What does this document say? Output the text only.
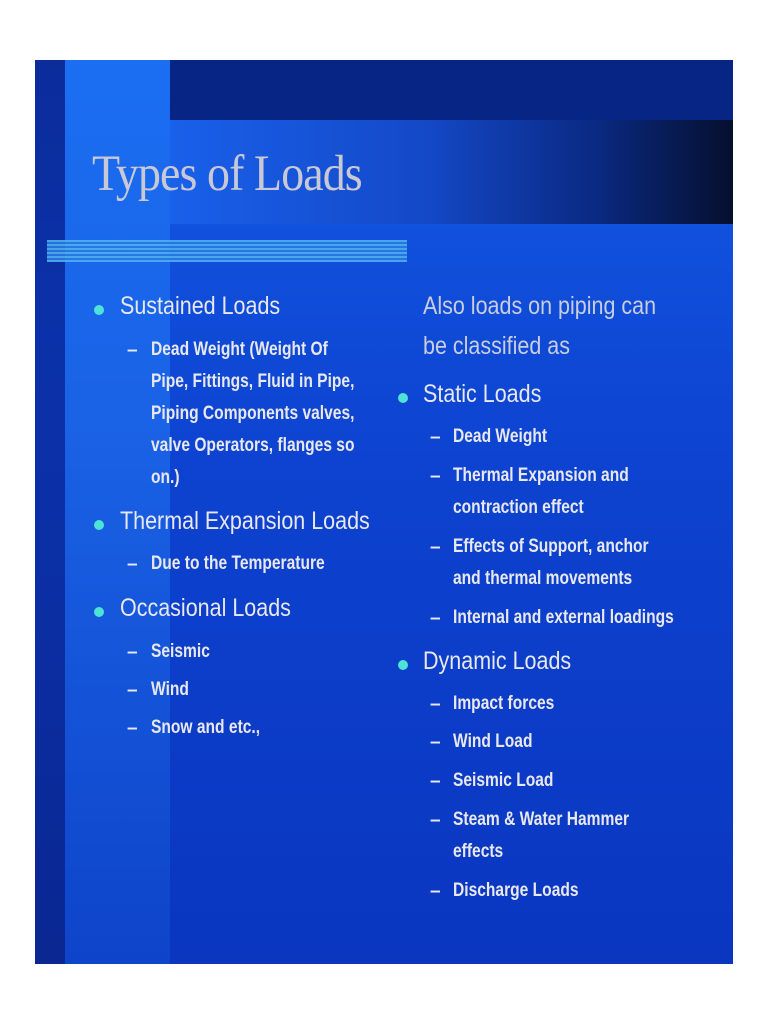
Types of Loads
Sustained Loads
– Dead Weight (Weight Of
Pipe, Fittings, Fluid in Pipe,
Piping Components valves,
valve Operators, flanges so
on.)
Thermal Expansion Loads
– Due to the Temperature
Occasional Loads
– Seismic
– Wind
– Snow and etc.,
Also loads on piping can
be classified as
Static Loads
– Dead Weight
– Thermal Expansion and
contraction effect
– Effects of Support, anchor
and thermal movements
– Internal and external loadings
Dynamic Loads
– Impact forces
– Wind Load
– Seismic Load
– Steam & Water Hammer
effects
– Discharge Loads
